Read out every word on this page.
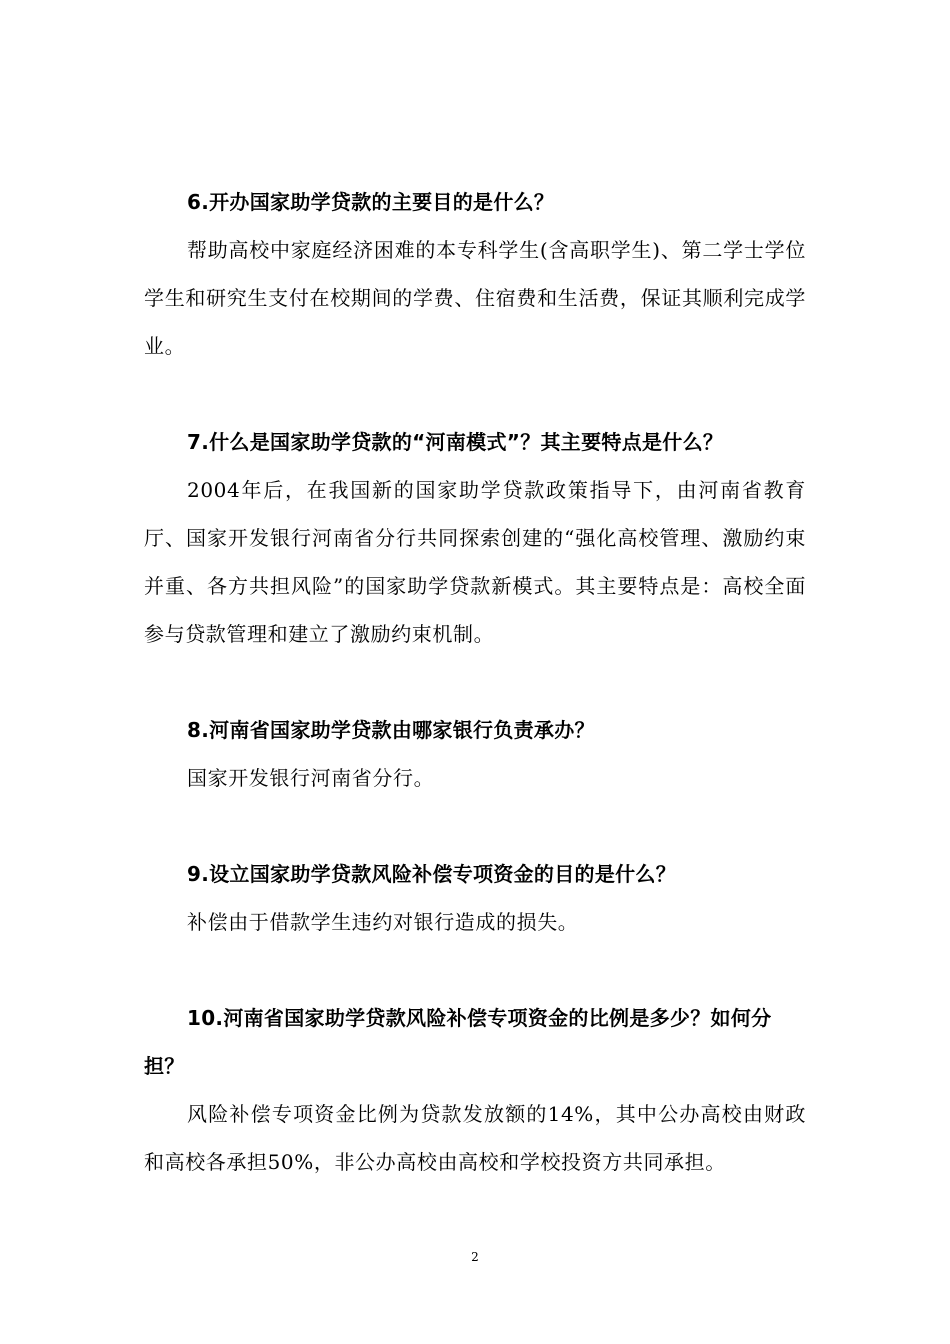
6.开办国家助学贷款的主要目的是什么？

帮助高校中家庭经济困难的本专科学生(含高职学生)、第二学士学位学生和研究生支付在校期间的学费、住宿费和生活费，保证其顺利完成学业。

7.什么是国家助学贷款的“河南模式”？其主要特点是什么？

2004年后，在我国新的国家助学贷款政策指导下，由河南省教育厅、国家开发银行河南省分行共同探索创建的“强化高校管理、激励约束并重、各方共担风险”的国家助学贷款新模式。其主要特点是：高校全面参与贷款管理和建立了激励约束机制。

8.河南省国家助学贷款由哪家银行负责承办？

国家开发银行河南省分行。

9.设立国家助学贷款风险补偿专项资金的目的是什么？

补偿由于借款学生违约对银行造成的损失。

10.河南省国家助学贷款风险补偿专项资金的比例是多少？如何分担？

风险补偿专项资金比例为贷款发放额的14%，其中公办高校由财政和高校各承担50%，非公办高校由高校和学校投资方共同承担。

2
